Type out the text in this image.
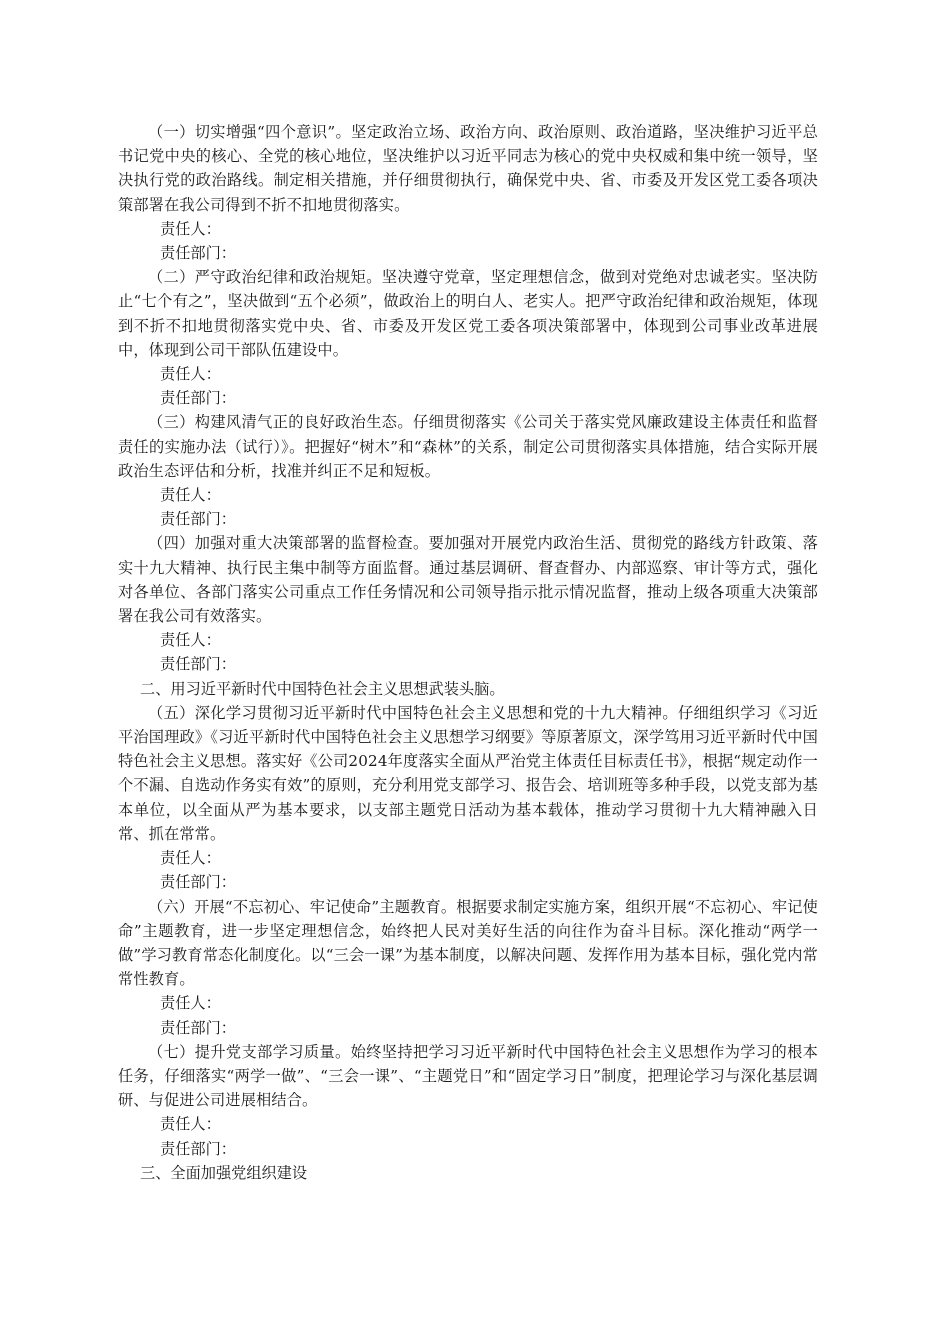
（一）切实增强“四个意识”。坚定政治立场、政治方向、政治原则、政治道路，坚决维护习近平总书记党中央的核心、全党的核心地位，坚决维护以习近平同志为核心的党中央权威和集中统一领导，坚决执行党的政治路线。制定相关措施，并仔细贯彻执行，确保党中央、省、市委及开发区党工委各项决策部署在我公司得到不折不扣地贯彻落实。

责任人：

责任部门：

（二）严守政治纪律和政治规矩。坚决遵守党章，坚定理想信念，做到对党绝对忠诚老实。坚决防止“七个有之”，坚决做到“五个必须”，做政治上的明白人、老实人。把严守政治纪律和政治规矩，体现到不折不扣地贯彻落实党中央、省、市委及开发区党工委各项决策部署中，体现到公司事业改革进展中，体现到公司干部队伍建设中。

责任人：

责任部门：

（三）构建风清气正的良好政治生态。仔细贯彻落实《公司关于落实党风廉政建设主体责任和监督责任的实施办法（试行）》。把握好“树木”和“森林”的关系，制定公司贯彻落实具体措施，结合实际开展政治生态评估和分析，找准并纠正不足和短板。

责任人：

责任部门：

（四）加强对重大决策部署的监督检查。要加强对开展党内政治生活、贯彻党的路线方针政策、落实十九大精神、执行民主集中制等方面监督。通过基层调研、督查督办、内部巡察、审计等方式，强化对各单位、各部门落实公司重点工作任务情况和公司领导指示批示情况监督，推动上级各项重大决策部署在我公司有效落实。

责任人：

责任部门：

二、用习近平新时代中国特色社会主义思想武装头脑。

（五）深化学习贯彻习近平新时代中国特色社会主义思想和党的十九大精神。仔细组织学习《习近平治国理政》《习近平新时代中国特色社会主义思想学习纲要》等原著原文，深学笃用习近平新时代中国特色社会主义思想。落实好《公司2024年度落实全面从严治党主体责任目标责任书》，根据“规定动作一个不漏、自选动作务实有效”的原则，充分利用党支部学习、报告会、培训班等多种手段，以党支部为基本单位，以全面从严为基本要求，以支部主题党日活动为基本载体，推动学习贯彻十九大精神融入日常、抓在常常。

责任人：

责任部门：

（六）开展“不忘初心、牢记使命”主题教育。根据要求制定实施方案，组织开展“不忘初心、牢记使命”主题教育，进一步坚定理想信念，始终把人民对美好生活的向往作为奋斗目标。深化推动“两学一做”学习教育常态化制度化。以“三会一课”为基本制度，以解决问题、发挥作用为基本目标，强化党内常常性教育。

责任人：

责任部门：

（七）提升党支部学习质量。始终坚持把学习习近平新时代中国特色社会主义思想作为学习的根本任务，仔细落实“两学一做”、“三会一课”、“主题党日”和“固定学习日”制度，把理论学习与深化基层调研、与促进公司进展相结合。

责任人：

责任部门：

三、全面加强党组织建设
